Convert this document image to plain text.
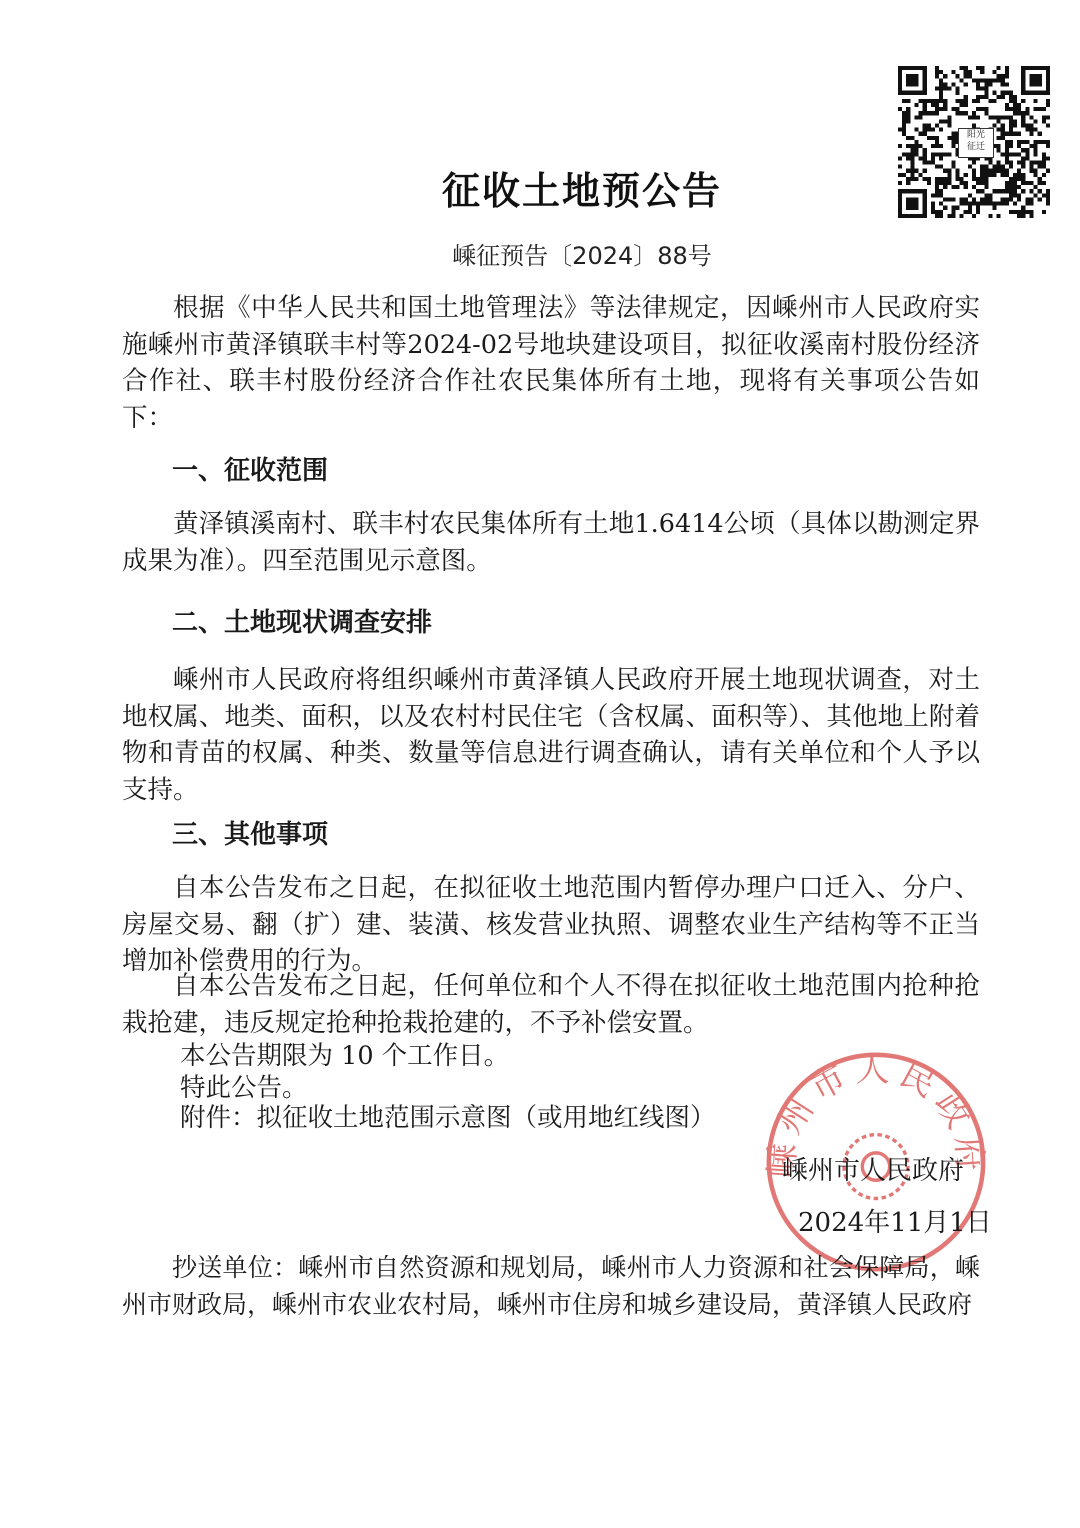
阳光
征迁
征收土地预公告
嵊征预告〔2024〕88号
根据《中华人民共和国土地管理法》等法律规定，因嵊州市人民政府实施嵊州市黄泽镇联丰村等2024-02号地块建设项目，拟征收溪南村股份经济合作社、联丰村股份经济合作社农民集体所有土地，现将有关事项公告如下：
一、征收范围
黄泽镇溪南村、联丰村农民集体所有土地1.6414公顷（具体以勘测定界成果为准）。四至范围见示意图。
二、土地现状调查安排
嵊州市人民政府将组织嵊州市黄泽镇人民政府开展土地现状调查，对土地权属、地类、面积，以及农村村民住宅（含权属、面积等）、其他地上附着物和青苗的权属、种类、数量等信息进行调查确认，请有关单位和个人予以支持。
三、其他事项
自本公告发布之日起，在拟征收土地范围内暂停办理户口迁入、分户、房屋交易、翻（扩）建、装潢、核发营业执照、调整农业生产结构等不正当增加补偿费用的行为。
自本公告发布之日起，任何单位和个人不得在拟征收土地范围内抢种抢栽抢建，违反规定抢种抢栽抢建的，不予补偿安置。
本公告期限为 10 个工作日。
特此公告。
附件：拟征收土地范围示意图（或用地红线图）
嵊州市人民政府
嵊州市人民政府
2024年11月1日
抄送单位：嵊州市自然资源和规划局，嵊州市人力资源和社会保障局，嵊州市财政局，嵊州市农业农村局，嵊州市住房和城乡建设局，黄泽镇人民政府
